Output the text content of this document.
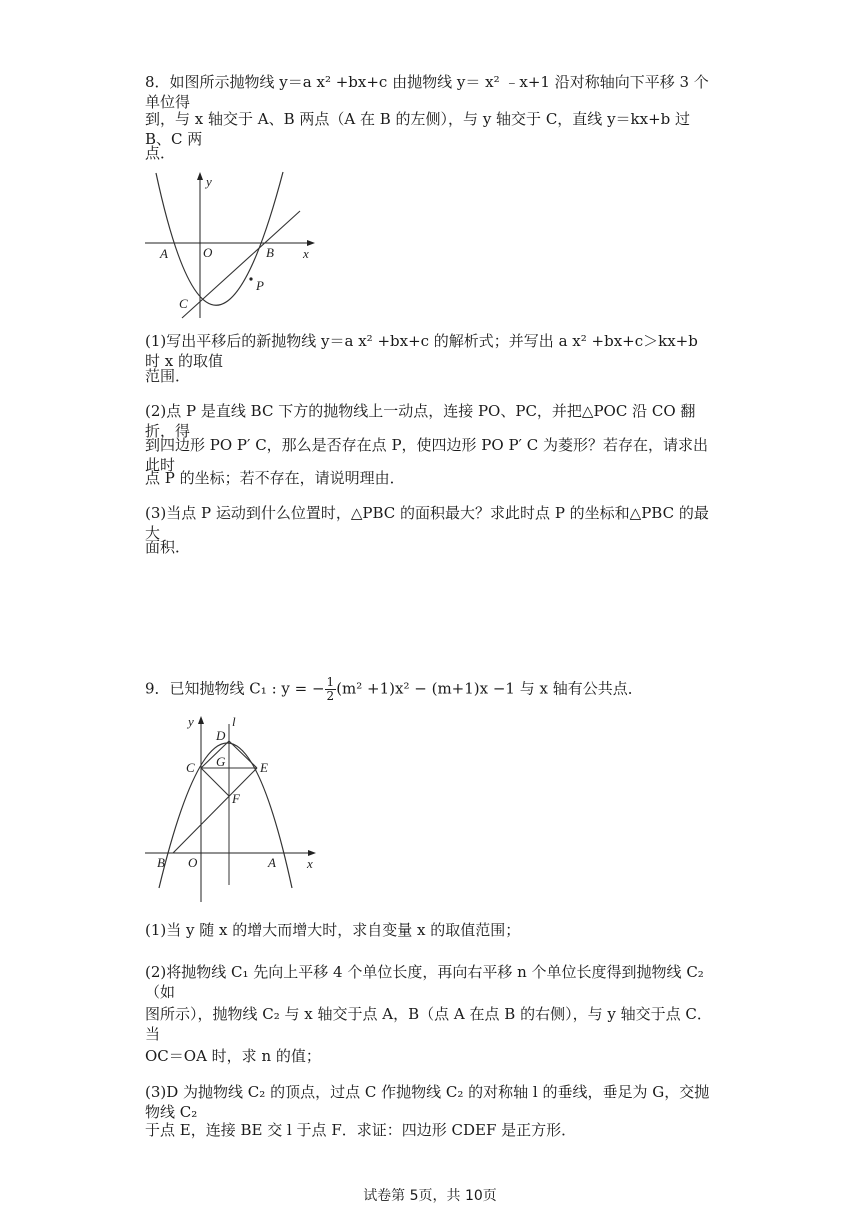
8．如图所示抛物线 y＝a x² +bx+c 由抛物线 y＝ x² ﹣x+1 沿对称轴向下平移 3 个单位得
到，与 x 轴交于 A、B 两点（A 在 B 的左侧），与 y 轴交于 C，直线 y＝kx+b 过 B、C 两
点．
y
A	O	B x
C
P
(1)写出平移后的新抛物线 y＝a x² +bx+c 的解析式；并写出 a x² +bx+c＞kx+b 时 x 的取值
范围．
(2)点 P 是直线 BC 下方的抛物线上一动点，连接 PO、PC，并把△POC 沿 CO 翻折，得
到四边形 PO P′ C，那么是否存在点 P，使四边形 PO P′ C 为菱形？若存在，请求出此时
点 P 的坐标；若不存在，请说明理由．
(3)当点 P 运动到什么位置时，△PBC 的面积最大？求此时点 P 的坐标和△PBC 的最大
面积．
9．已知抛物线 C₁ : y = − $\frac{1}{2} (m^2 +1)x^2 - (m+1)x -1$ 与 x 轴有公共点．
y	l
D
C G	E
F
B O	A x
(1)当 y 随 x 的增大而增大时，求自变量 x 的取值范围；
(2)将抛物线 C₁ 先向上平移 4 个单位长度，再向右平移 n 个单位长度得到抛物线 C₂（如
图所示），抛物线 C₂ 与 x 轴交于点 A，B（点 A 在点 B 的右侧），与 y 轴交于点 C．当
OC＝OA 时，求 n 的值；
(3)D 为抛物线 C₂ 的顶点，过点 C 作抛物线 C₂ 的对称轴 l 的垂线，垂足为 G，交抛物线 C₂
于点 E，连接 BE 交 l 于点 F．求证：四边形 CDEF 是正方形．
试卷第 5页，共 10页
